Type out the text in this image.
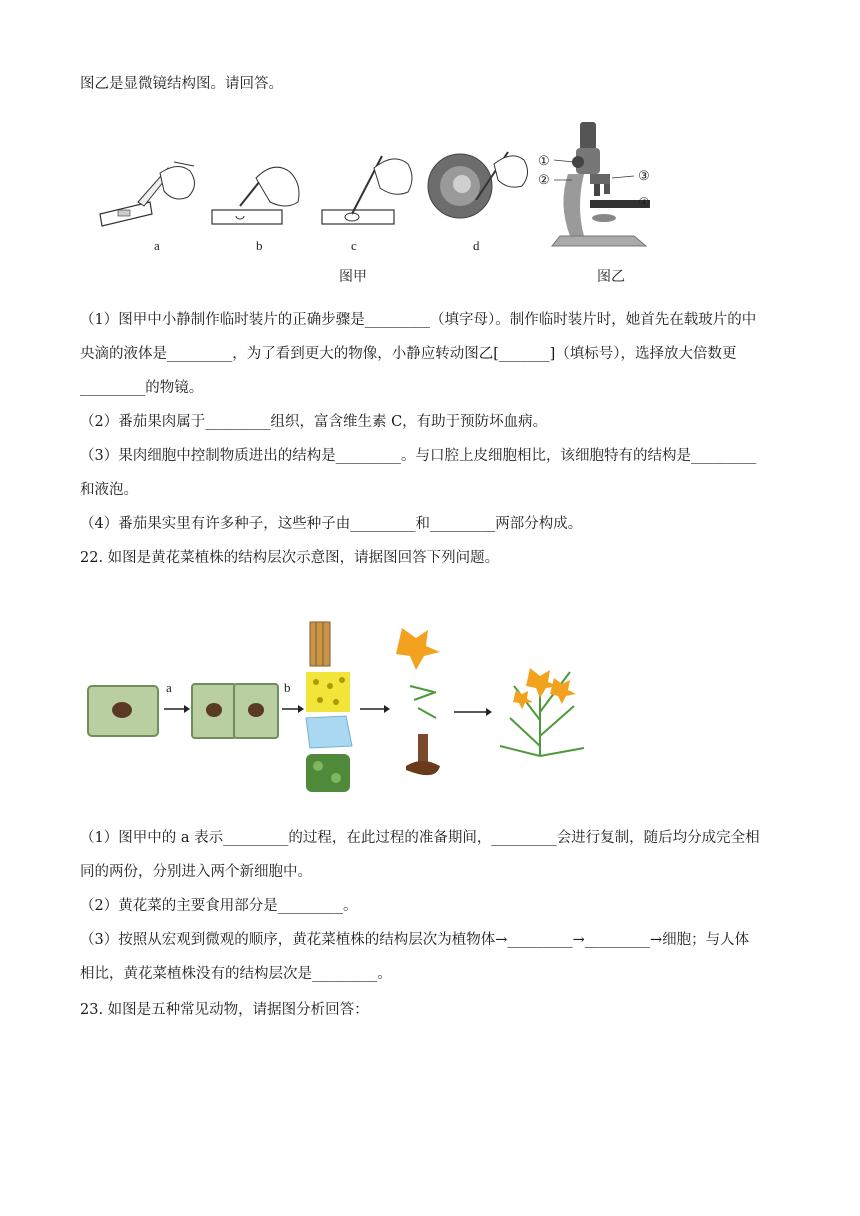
图乙是显微镜结构图。请回答。
a	b	c	d
①
②	③
④
图甲	图乙
（1）图甲中小静制作临时装片的正确步骤是_________（填字母）。制作临时装片时，她首先在载玻片的中
央滴的液体是_________，为了看到更大的物像，小静应转动图乙[_______]（填标号），选择放大倍数更
_________的物镜。
（2）番茄果肉属于_________组织，富含维生素 C，有助于预防坏血病。
（3）果肉细胞中控制物质进出的结构是_________。与口腔上皮细胞相比，该细胞特有的结构是_________
和液泡。
（4）番茄果实里有许多种子，这些种子由_________和_________两部分构成。
22. 如图是黄花菜植株的结构层次示意图，请据图回答下列问题。
a	b
（1）图甲中的 a 表示_________的过程，在此过程的准备期间，_________会进行复制，随后均分成完全相
同的两份，分别进入两个新细胞中。
（2）黄花菜的主要食用部分是_________。
（3）按照从宏观到微观的顺序，黄花菜植株的结构层次为植物体→_________→_________→细胞；与人体
相比，黄花菜植株没有的结构层次是_________。
23. 如图是五种常见动物，请据图分析回答：
